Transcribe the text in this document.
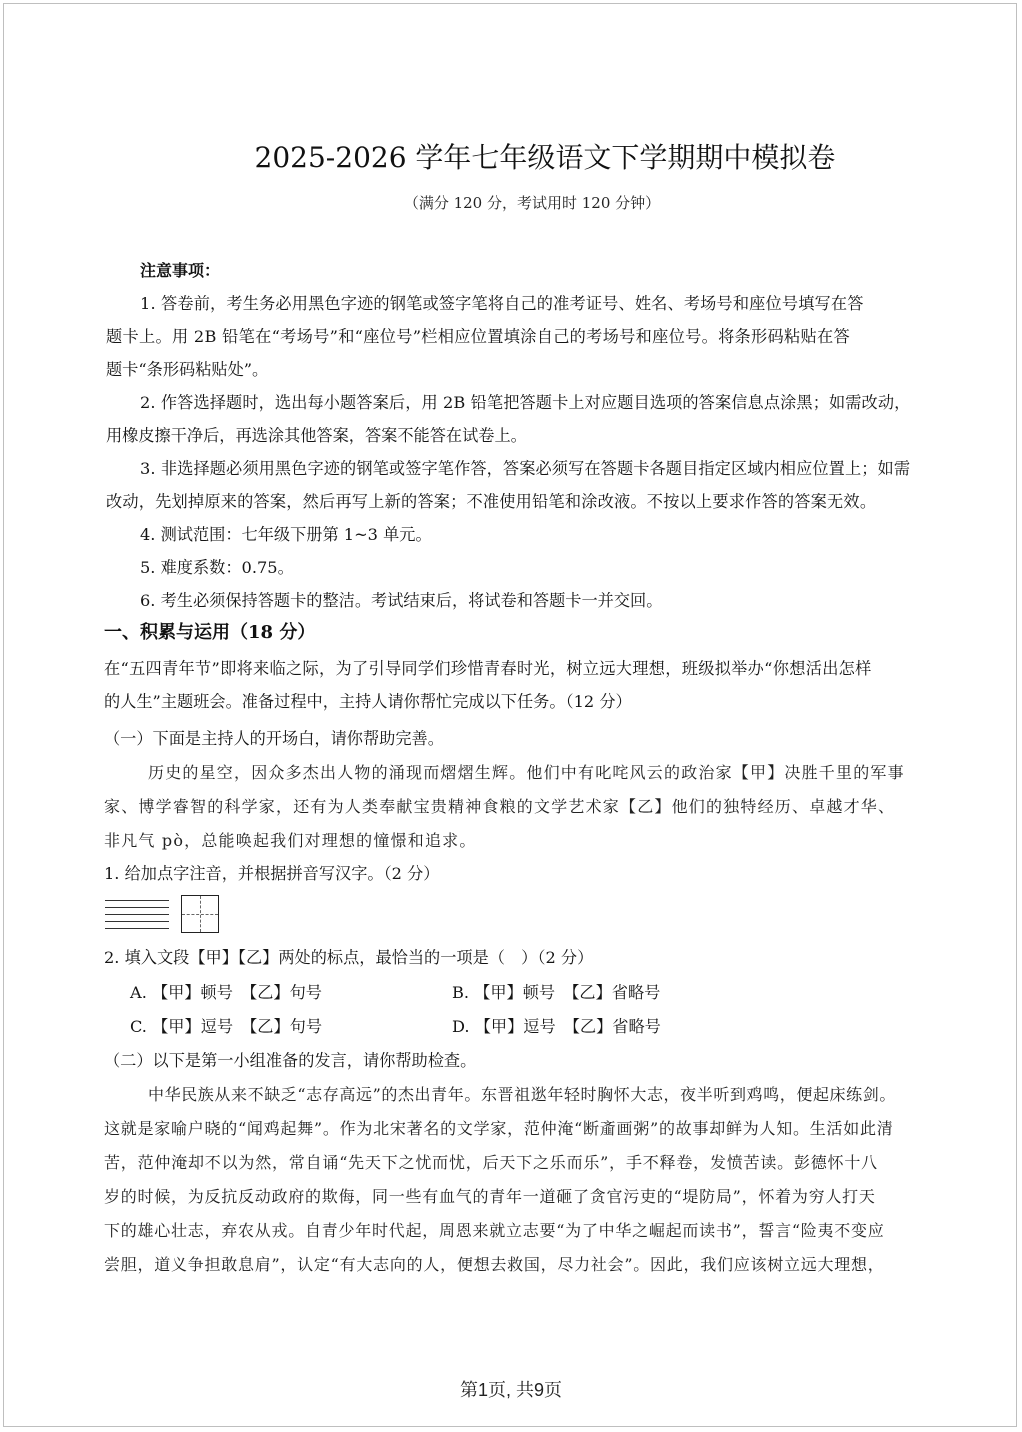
2025-2026 学年七年级语文下学期期中模拟卷
（满分 120 分，考试用时 120 分钟）
注意事项：
1. 答卷前，考生务必用黑色字迹的钢笔或签字笔将自己的准考证号、姓名、考场号和座位号填写在答
题卡上。用 2B 铅笔在“考场号”和“座位号”栏相应位置填涂自己的考场号和座位号。将条形码粘贴在答
题卡“条形码粘贴处”。
2. 作答选择题时，选出每小题答案后，用 2B 铅笔把答题卡上对应题目选项的答案信息点涂黑；如需改动，
用橡皮擦干净后，再选涂其他答案，答案不能答在试卷上。
3. 非选择题必须用黑色字迹的钢笔或签字笔作答，答案必须写在答题卡各题目指定区域内相应位置上；如需
改动，先划掉原来的答案，然后再写上新的答案；不准使用铅笔和涂改液。不按以上要求作答的答案无效。
4. 测试范围：七年级下册第 1~3 单元。
5. 难度系数：0.75。
6. 考生必须保持答题卡的整洁。考试结束后，将试卷和答题卡一并交回。
一、积累与运用（18 分）
在“五四青年节”即将来临之际，为了引导同学们珍惜青春时光，树立远大理想，班级拟举办“你想活出怎样
的人生”主题班会。准备过程中，主持人请你帮忙完成以下任务。（12 分）
（一）下面是主持人的开场白，请你帮助完善。
历史的星空，因众多杰出人物的涌现而熠熠生辉。他们中有叱咤风云的政治家【甲】决胜千里的军事
家、博学睿智的科学家，还有为人类奉献宝贵精神食粮的文学艺术家【乙】他们的独特经历、卓越才华、
非凡气 pò，总能唤起我们对理想的憧憬和追求。
1. 给加点字注音，并根据拼音写汉字。（2 分）
2. 填入文段【甲】【乙】两处的标点，最恰当的一项是（　）（2 分）
A. 【甲】顿号　【乙】句号	B. 【甲】顿号　【乙】省略号
C. 【甲】逗号　【乙】句号	D. 【甲】逗号　【乙】省略号
（二）以下是第一小组准备的发言，请你帮助检查。
中华民族从来不缺乏“志存高远”的杰出青年。东晋祖逖年轻时胸怀大志，夜半听到鸡鸣，便起床练剑。
这就是家喻户晓的“闻鸡起舞”。作为北宋著名的文学家，范仲淹“断齑画粥”的故事却鲜为人知。生活如此清
苦，范仲淹却不以为然，常自诵“先天下之忧而忧，后天下之乐而乐”，手不释卷，发愤苦读。彭德怀十八
岁的时候，为反抗反动政府的欺侮，同一些有血气的青年一道砸了贪官污吏的“堤防局”，怀着为穷人打天
下的雄心壮志，弃农从戎。自青少年时代起，周恩来就立志要“为了中华之崛起而读书”，誓言“险夷不变应
尝胆，道义争担敢息肩”，认定“有大志向的人，便想去救国，尽力社会”。因此，我们应该树立远大理想，
第1页, 共9页
